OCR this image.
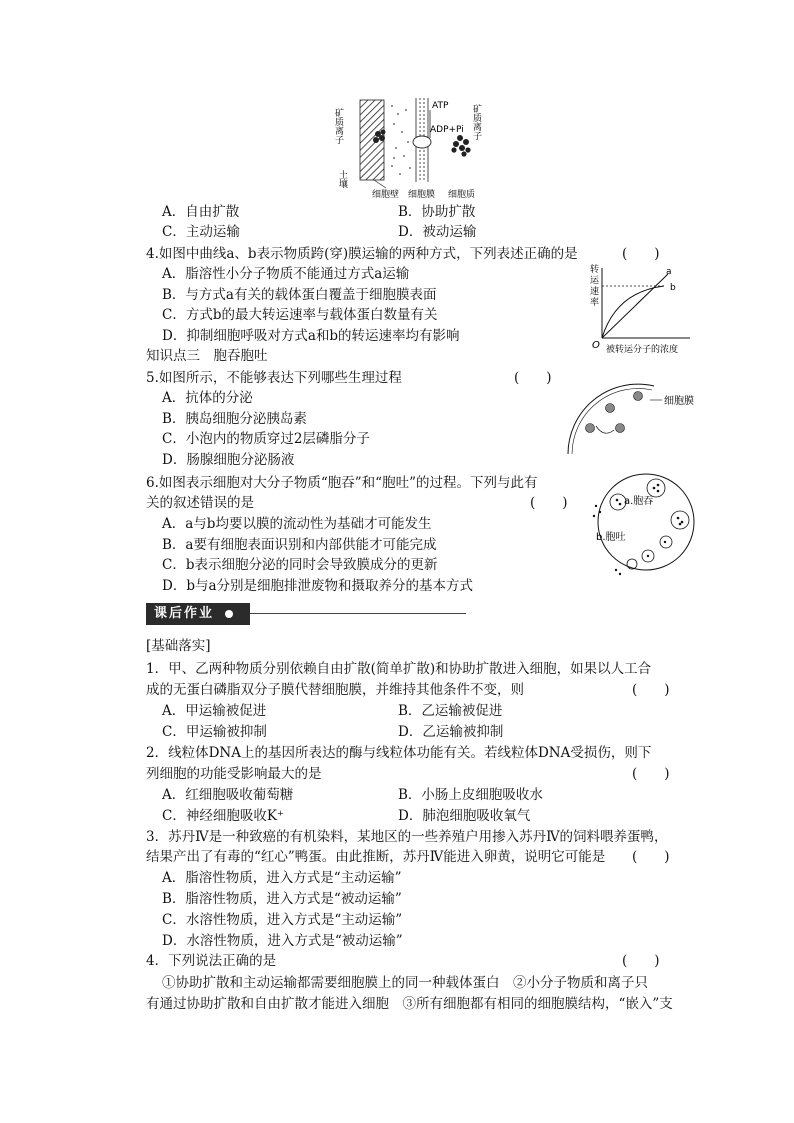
矿质离子
土壤
ATP
ADP+Pi 矿质离子
细胞壁 细胞膜 细胞质
A．自由扩散	B．协助扩散
C．主动运输	D．被动运输
4.如图中曲线a、b表示物质跨(穿)膜运输的两种方式，下列表述正确的是	(　　)
A．脂溶性小分子物质不能通过方式a运输
B．与方式a有关的载体蛋白覆盖于细胞膜表面
C．方式b的最大转运速率与载体蛋白数量有关
D．抑制细胞呼吸对方式a和b的转运速率均有影响
转
运
速
率
a
b
O 被转运分子的浓度
知识点三　胞吞胞吐
5.如图所示，不能够表达下列哪些生理过程	(　　)
A．抗体的分泌
B．胰岛细胞分泌胰岛素
C．小泡内的物质穿过2层磷脂分子
D．肠腺细胞分泌肠液
细胞膜
6.如图表示细胞对大分子物质“胞吞”和“胞吐”的过程。下列与此有
关的叙述错误的是	(　　)
A．a与b均要以膜的流动性为基础才可能发生
B．a要有细胞表面识别和内部供能才可能完成
C．b表示细胞分泌的同时会导致膜成分的更新
D．b与a分别是细胞排泄废物和摄取养分的基本方式
a.胞吞
b.胞吐
课后作业
[基础落实]
1．甲、乙两种物质分别依赖自由扩散(简单扩散)和协助扩散进入细胞，如果以人工合
成的无蛋白磷脂双分子膜代替细胞膜，并维持其他条件不变，则	(　　)
A．甲运输被促进	B．乙运输被促进
C．甲运输被抑制	D．乙运输被抑制
2．线粒体DNA上的基因所表达的酶与线粒体功能有关。若线粒体DNA受损伤，则下
列细胞的功能受影响最大的是	(　　)
A．红细胞吸收葡萄糖	B．小肠上皮细胞吸收水
C．神经细胞吸收K⁺	D．肺泡细胞吸收氧气
3．苏丹Ⅳ是一种致癌的有机染料，某地区的一些养殖户用掺入苏丹Ⅳ的饲料喂养蛋鸭，
结果产出了有毒的“红心”鸭蛋。由此推断，苏丹Ⅳ能进入卵黄，说明它可能是 (　　)
A．脂溶性物质，进入方式是“主动运输”
B．脂溶性物质，进入方式是“被动运输”
C．水溶性物质，进入方式是“主动运输”
D．水溶性物质，进入方式是“被动运输”
4．下列说法正确的是	(　　)
①协助扩散和主动运输都需要细胞膜上的同一种载体蛋白　②小分子物质和离子只
有通过协助扩散和自由扩散才能进入细胞　③所有细胞都有相同的细胞膜结构，“嵌入”支
